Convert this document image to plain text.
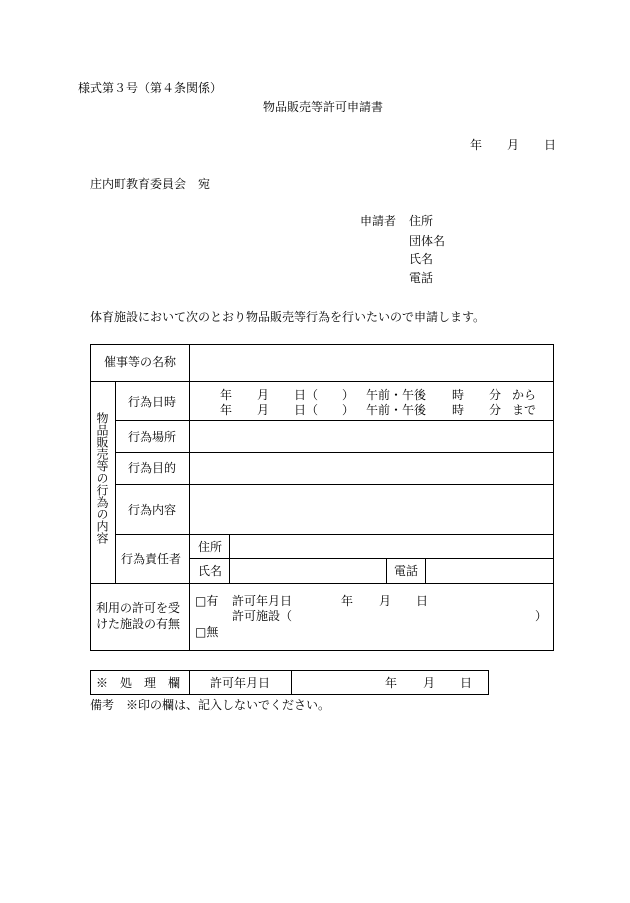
様式第３号（第４条関係）
物品販売等許可申請書
年 月 日
庄内町教育委員会　宛
申請者 住所
団体名
氏名
電話
体育施設において次のとおり物品販売等行為を行いたいので申請します。
催事等の名称
物品販売等の行為の内容
行為日時	年 月 日（ ） 午前・午後 時 分 から
年 月 日（ ） 午前・午後 時 分 まで
行為場所
行為目的
行為内容
行為責任者
住所
氏名	電話
利用の許可を受
けた施設の有無
□有 許可年月日	年 月 日
許可施設（	）
□無
※　処　理　欄 許可年月日	年 月 日
備考　※印の欄は、記入しないでください。
